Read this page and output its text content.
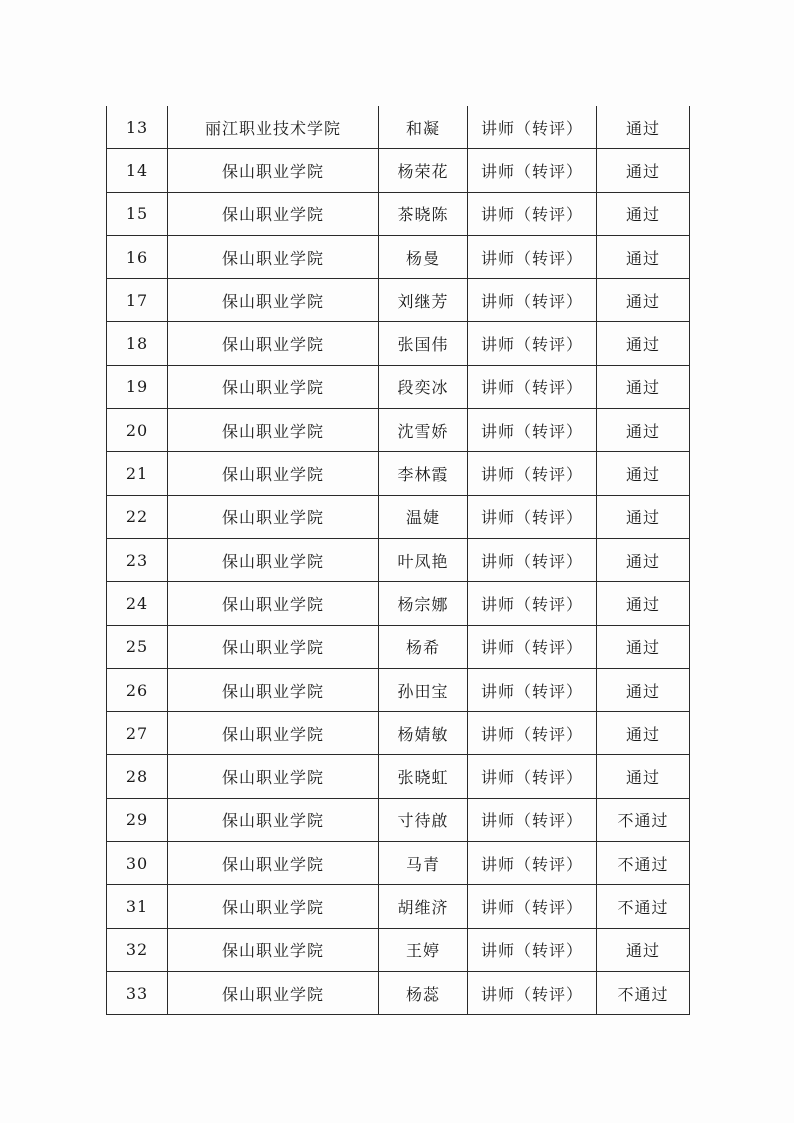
13	丽江职业技术学院	和凝	讲师（转评）	通过
14	保山职业学院	杨荣花	讲师（转评）	通过
15	保山职业学院	茶晓陈	讲师（转评）	通过
16	保山职业学院	杨曼	讲师（转评）	通过
17	保山职业学院	刘继芳	讲师（转评）	通过
18	保山职业学院	张国伟	讲师（转评）	通过
19	保山职业学院	段奕冰	讲师（转评）	通过
20	保山职业学院	沈雪娇	讲师（转评）	通过
21	保山职业学院	李林霞	讲师（转评）	通过
22	保山职业学院	温婕	讲师（转评）	通过
23	保山职业学院	叶凤艳	讲师（转评）	通过
24	保山职业学院	杨宗娜	讲师（转评）	通过
25	保山职业学院	杨希	讲师（转评）	通过
26	保山职业学院	孙田宝	讲师（转评）	通过
27	保山职业学院	杨婧敏	讲师（转评）	通过
28	保山职业学院	张晓虹	讲师（转评）	通过
29	保山职业学院	寸待啟	讲师（转评）	不通过
30	保山职业学院	马青	讲师（转评）	不通过
31	保山职业学院	胡维济	讲师（转评）	不通过
32	保山职业学院	王婷	讲师（转评）	通过
33	保山职业学院	杨蕊	讲师（转评）	不通过
